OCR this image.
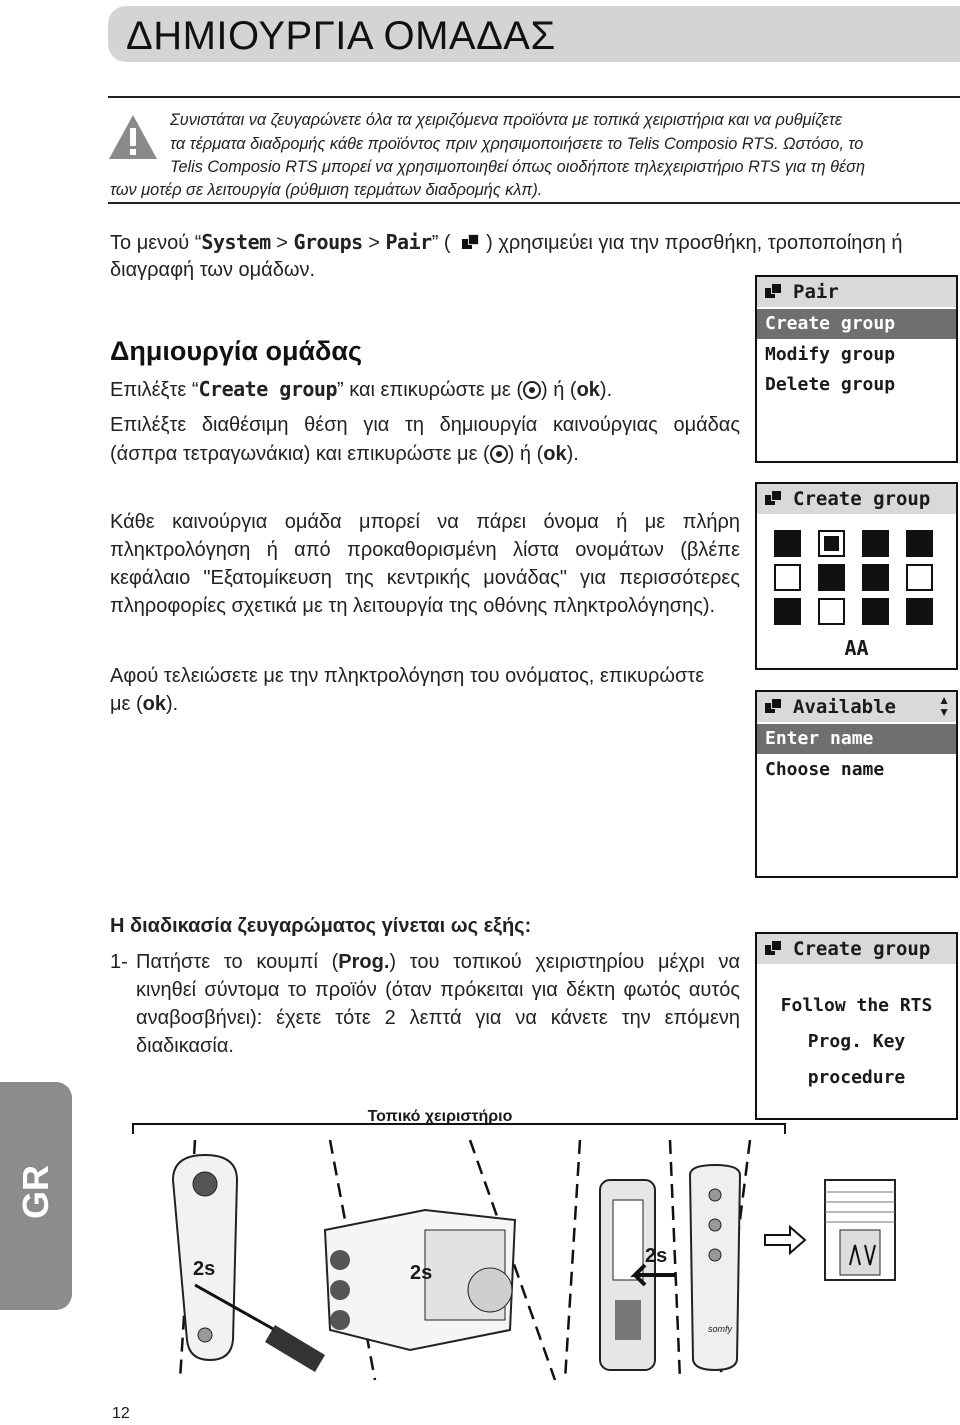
ΔΗΜΙΟΥΡΓΙΑ ΟΜΑΔΑΣ
Συνιστάται να ζευγαρώνετε όλα τα χειριζόμενα προϊόντα με τοπικά χειριστήρια και να ρυθμίζετε
τα τέρματα διαδρομής κάθε προϊόντος πριν χρησιμοποιήσετε το Telis Composio RTS. Ωστόσο, το
Telis Composio RTS μπορεί να χρησιμοποιηθεί όπως οιοδήποτε τηλεχειριστήριο RTS για τη θέση
των μοτέρ σε λειτουργία (ρύθμιση τερμάτων διαδρομής κλπ).
Το μενού “System > Groups > Pair” ( ) χρησιμεύει για την προσθήκη, τροποποίηση ή
διαγραφή των ομάδων.
Δημιουργία ομάδας
Επιλέξτε “Create group” και επικυρώστε με ( ) ή (ok).
Επιλέξτε διαθέσιμη θέση για τη δημιουργία καινούργιας ομάδας
(άσπρα τετραγωνάκια) και επικυρώστε με ( ) ή (ok).
Κάθε καινούργια ομάδα μπορεί να πάρει όνομα ή με πλήρη
πληκτρολόγηση ή από προκαθορισμένη λίστα ονομάτων (βλέπε
κεφάλαιο "Εξατομίκευση της κεντρικής μονάδας" για περισσότερες
πληροφορίες σχετικά με τη λειτουργία της οθόνης πληκτρολόγησης).
Αφού τελειώσετε με την πληκτρολόγηση του ονόματος, επικυρώστε
με (ok).
Η διαδικασία ζευγαρώματος γίνεται ως εξής:
1- Πατήστε το κουμπί (Prog.) του τοπικού χειριστηρίου μέχρι να
κινηθεί σύντομα το προϊόν (όταν πρόκειται για δέκτη φωτός αυτός
αναβοσβήνει): έχετε τότε 2 λεπτά για να κάνετε την επόμενη
διαδικασία.
Pair
Create group
Modify group
Delete group
Create group
AA
Available	▲
▼
Enter name
Choose name
Create group
Follow the RTS
Prog. Key
procedure
GR
Τοπικό χειριστήριο
2s	2s
2s
somfy
12
